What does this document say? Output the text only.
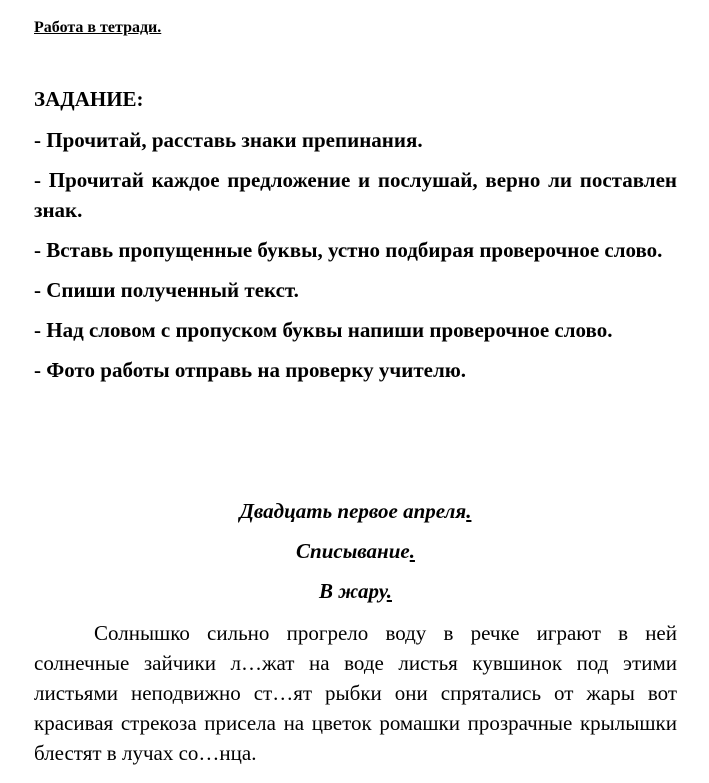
Работа в тетради.
ЗАДАНИЕ:
- Прочитай, расставь знаки препинания.
- Прочитай каждое предложение и послушай, верно ли поставлен знак.
- Вставь пропущенные буквы, устно подбирая проверочное слово.
- Спиши полученный текст.
- Над словом с пропуском буквы напиши проверочное слово.
- Фото работы отправь на проверку учителю.
Двадцать первое апреля.
Списывание.
В жару.

Солнышко сильно прогрело воду в речке играют в ней солнечные зайчики л…жат на воде листья кувшинок под этими листьями неподвижно ст…ят рыбки они спрятались от жары вот красивая стрекоза присела на цветок ромашки прозрачные крылышки блестят в лучах со…нца.
